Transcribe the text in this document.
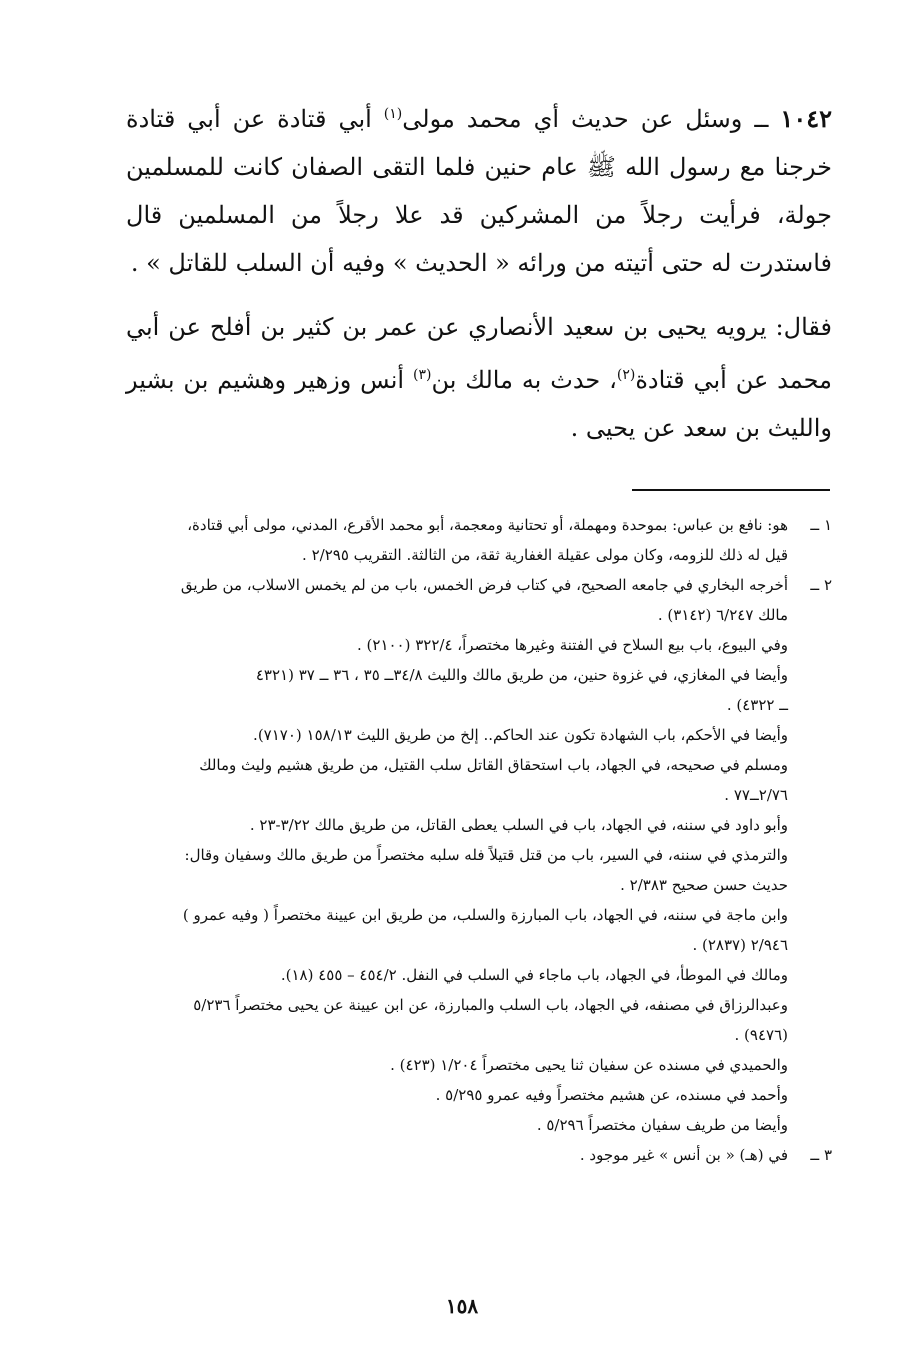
١٠٤٢ ــ وسئل عن حديث أي محمد مولى$^{(١)}$ أبي قتادة عن أبي قتادة خرجنا مع رسول الله ﷺ عام حنين فلما التقى الصفان كانت للمسلمين جولة، فرأيت رجلاً من المشركين قد علا رجلاً من المسلمين قال فاستدرت له حتى أتيته من ورائه « الحديث » وفيه أن السلب للقاتل » .

فقال: يرويه يحيى بن سعيد الأنصاري عن عمر بن كثير بن أفلح عن أبي محمد عن أبي قتادة$^{(٢)}$، حدث به مالك بن$^{(٣)}$ أنس وزهير وهشيم بن بشير والليث بن سعد عن يحيى .

١ ــ
هو: نافع بن عباس: بموحدة ومهملة، أو تحتانية ومعجمة، أبو محمد الأقرع، المدني، مولى أبي قتادة،
قيل له ذلك للزومه، وكان مولى عقيلة الغفارية ثقة، من الثالثة. التقريب ٢/٢٩٥ .
٢ ــ
أخرجه البخاري في جامعه الصحيح، في كتاب فرض الخمس، باب من لم يخمس الاسلاب، من طريق
مالك ٦/٢٤٧ (٣١٤٢) .
وفي البيوع، باب بيع السلاح في الفتنة وغيرها مختصراً، ٣٢٢/٤ (٢١٠٠) .
وأيضا في المغازي، في غزوة حنين، من طريق مالك والليث ٣٤/٨ــ ٣٥ ، ٣٦ ــ ٣٧ (٤٣٢١
ــ ٤٣٢٢) .
وأيضا في الأحكم، باب الشهادة تكون عند الحاكم.. إلخ من طريق الليث ١٥٨/١٣ (٧١٧٠).
ومسلم في صحيحه، في الجهاد، باب استحقاق القاتل سلب القتيل، من طريق هشيم وليث ومالك
٢/٧٦ــ٧٧ .
وأبو داود في سننه، في الجهاد، باب في السلب يعطى القاتل، من طريق مالك ٣/٢٢-٢٣ .
والترمذي في سننه، في السير، باب من قتل قتيلاً فله سلبه مختصراً من طريق مالك وسفيان وقال:
حديث حسن صحيح ٢/٣٨٣ .
وابن ماجة في سننه، في الجهاد، باب المبارزة والسلب، من طريق ابن عيينة مختصراً ( وفيه عمرو )
٢/٩٤٦ (٢٨٣٧) .
ومالك في الموطأ، في الجهاد، باب ماجاء في السلب في النفل. ٤٥٤/٢ – ٤٥٥ (١٨).
وعبدالرزاق في مصنفه، في الجهاد، باب السلب والمبارزة، عن ابن عيينة عن يحيى مختصراً ٥/٢٣٦
(٩٤٧٦) .
والحميدي في مسنده عن سفيان ثنا يحيى مختصراً ١/٢٠٤ (٤٢٣) .
وأحمد في مسنده، عن هشيم مختصراً وفيه عمرو ٥/٢٩٥ .
وأيضا من طريف سفيان مختصراً ٥/٢٩٦ .
٣ ــ
في (هـ) « بن أنس » غير موجود .
١٥٨
